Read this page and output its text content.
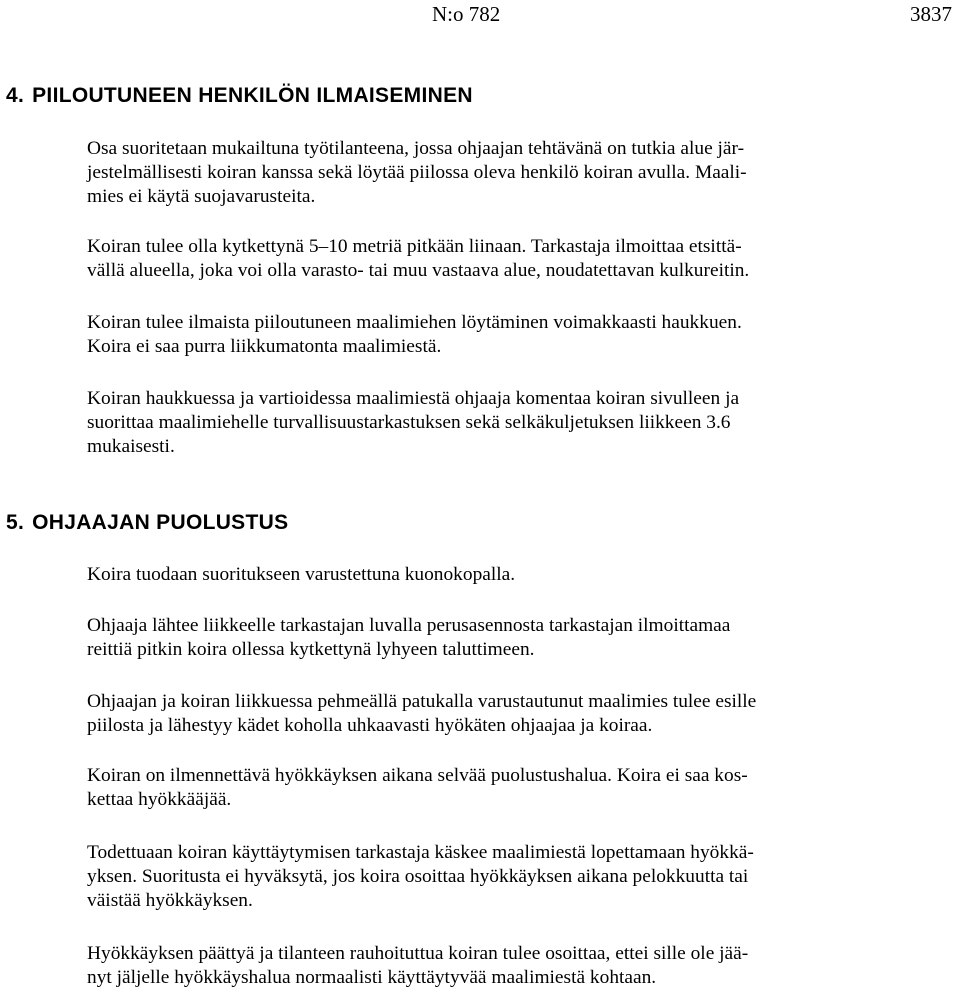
N:o 782	3837
4. PIILOUTUNEEN HENKILÖN ILMAISEMINEN

Osa suoritetaan mukailtuna työtilanteena, jossa ohjaajan tehtävänä on tutkia alue jär-
jestelmällisesti koiran kanssa sekä löytää piilossa oleva henkilö koiran avulla. Maali-
mies ei käytä suojavarusteita.

Koiran tulee olla kytkettynä 5–10 metriä pitkään liinaan. Tarkastaja ilmoittaa etsittä-
vällä alueella, joka voi olla varasto- tai muu vastaava alue, noudatettavan kulkureitin.

Koiran tulee ilmaista piiloutuneen maalimiehen löytäminen voimakkaasti haukkuen.
Koira ei saa purra liikkumatonta maalimiestä.

Koiran haukkuessa ja vartioidessa maalimiestä ohjaaja komentaa koiran sivulleen ja
suorittaa maalimiehelle turvallisuustarkastuksen sekä selkäkuljetuksen liikkeen 3.6
mukaisesti.

5. OHJAAJAN PUOLUSTUS

Koira tuodaan suoritukseen varustettuna kuonokopalla.

Ohjaaja lähtee liikkeelle tarkastajan luvalla perusasennosta tarkastajan ilmoittamaa
reittiä pitkin koira ollessa kytkettynä lyhyeen taluttimeen.

Ohjaajan ja koiran liikkuessa pehmeällä patukalla varustautunut maalimies tulee esille
piilosta ja lähestyy kädet koholla uhkaavasti hyökäten ohjaajaa ja koiraa.

Koiran on ilmennettävä hyökkäyksen aikana selvää puolustushalua. Koira ei saa kos-
kettaa hyökkääjää.

Todettuaan koiran käyttäytymisen tarkastaja käskee maalimiestä lopettamaan hyökkä-
yksen. Suoritusta ei hyväksytä, jos koira osoittaa hyökkäyksen aikana pelokkuutta tai
väistää hyökkäyksen.

Hyökkäyksen päättyä ja tilanteen rauhoituttua koiran tulee osoittaa, ettei sille ole jää-
nyt jäljelle hyökkäyshalua normaalisti käyttäytyvää maalimiestä kohtaan.
